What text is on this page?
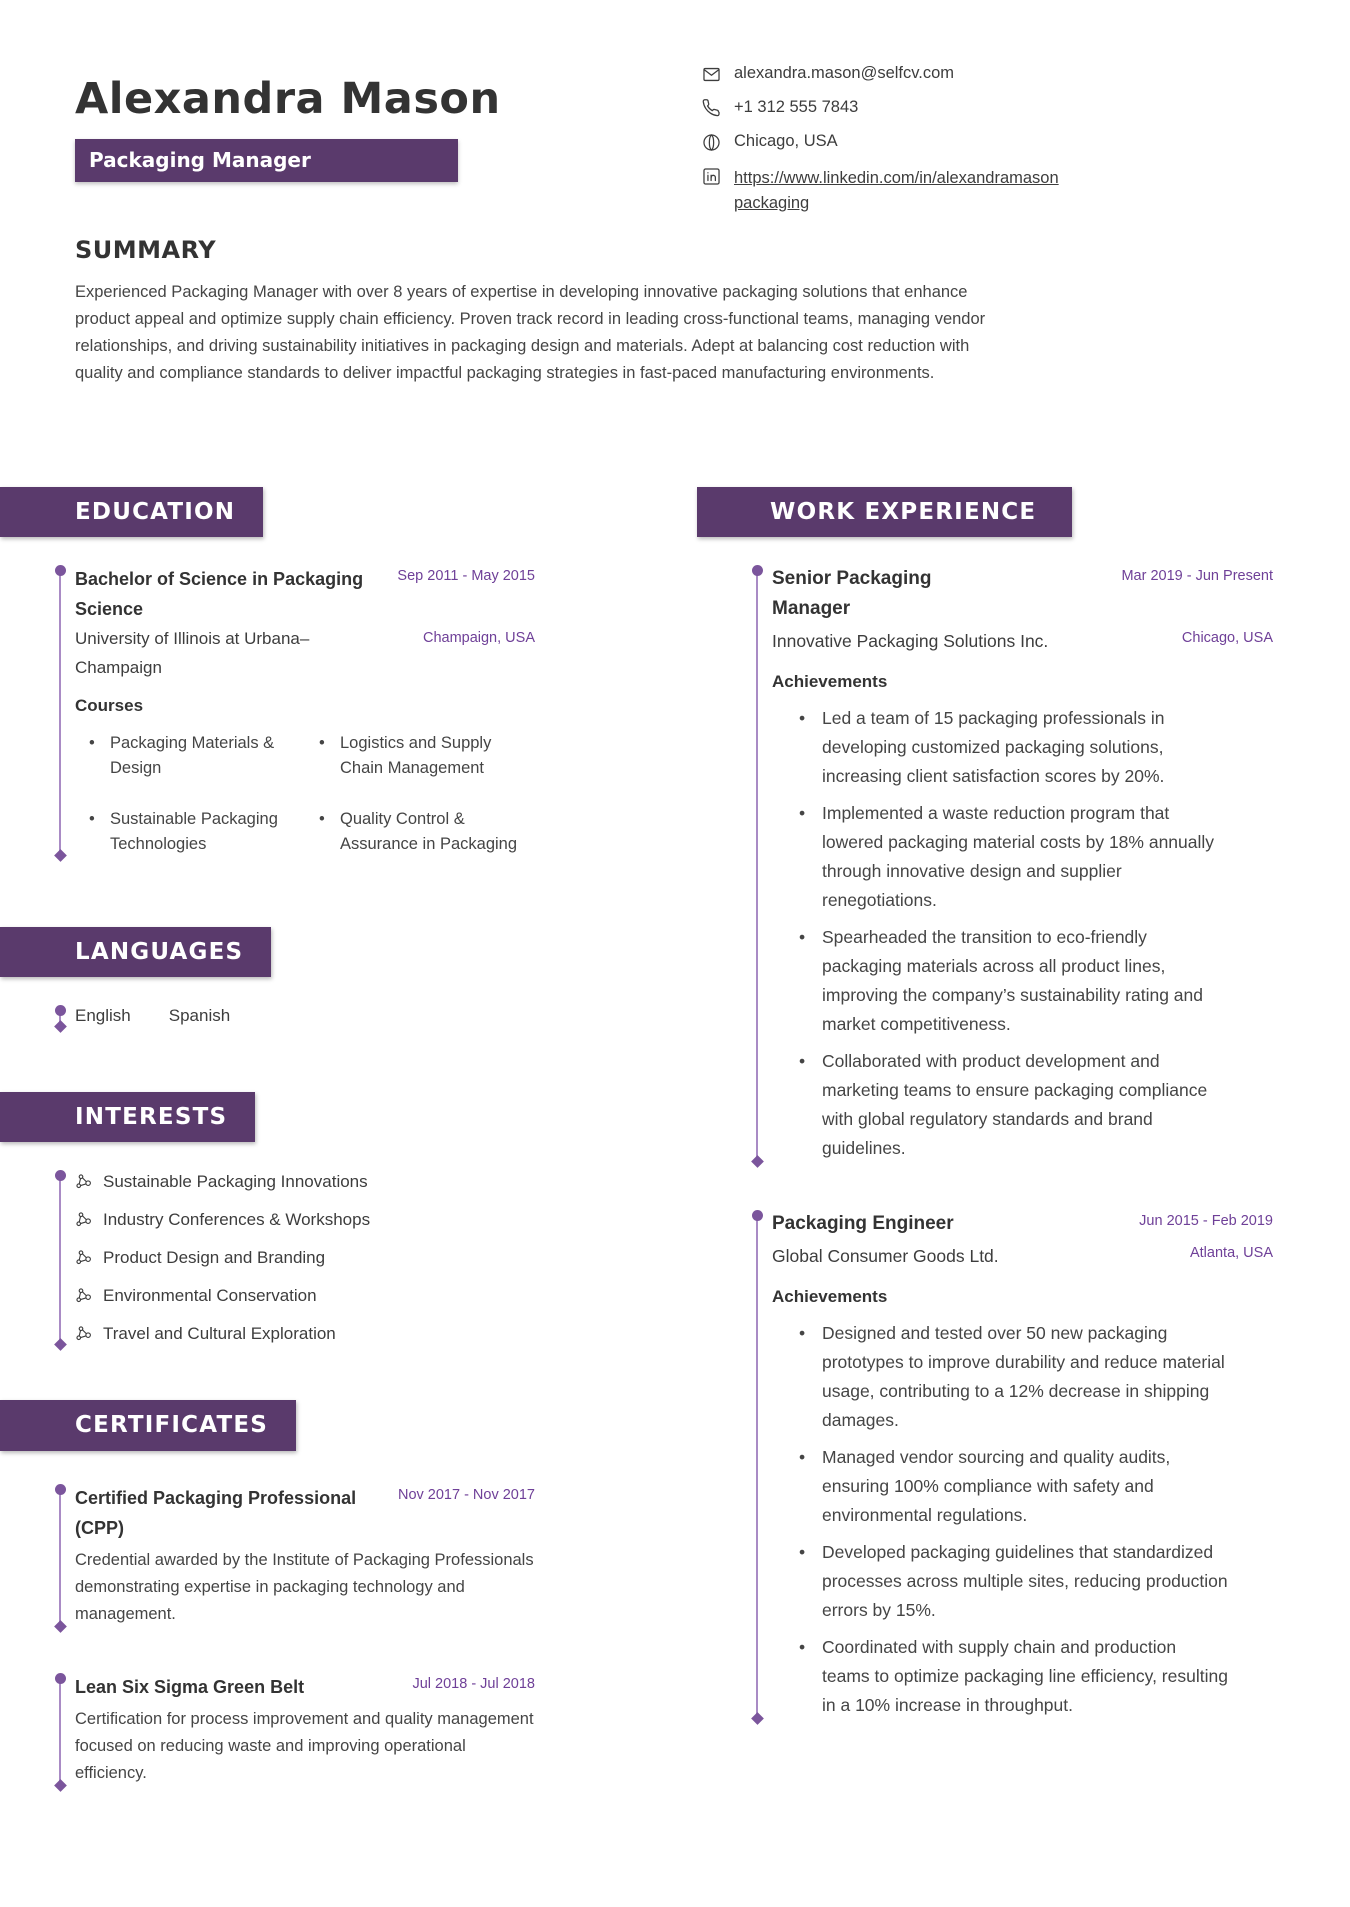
Alexandra Mason
Packaging Manager
alexandra.mason@selfcv.com
+1 312 555 7843
Chicago, USA
https://www.linkedin.com/in/alexandramasonpackaging
SUMMARY

Experienced Packaging Manager with over 8 years of expertise in developing innovative packaging solutions that enhance product appeal and optimize supply chain efficiency. Proven track record in leading cross-functional teams, managing vendor relationships, and driving sustainability initiatives in packaging design and materials. Adept at balancing cost reduction with quality and compliance standards to deliver impactful packaging strategies in fast-paced manufacturing environments.

EDUCATION
Bachelor of Science in Packaging Science
Sep 2011 - May 2015
University of Illinois at Urbana–Champaign
Champaign, USA
Courses
• Packaging Materials & Design
• Logistics and Supply Chain Management
• Sustainable Packaging Technologies
• Quality Control & Assurance in Packaging
LANGUAGES
English Spanish
INTERESTS
Sustainable Packaging Innovations
Industry Conferences & Workshops
Product Design and Branding
Environmental Conservation
Travel and Cultural Exploration
CERTIFICATES
Certified Packaging Professional (CPP)
Nov 2017 - Nov 2017

Credential awarded by the Institute of Packaging Professionals demonstrating expertise in packaging technology and management.

Lean Six Sigma Green Belt	Jul 2018 - Jul 2018

Certification for process improvement and quality management focused on reducing waste and improving operational efficiency.

WORK EXPERIENCE
Senior Packaging Manager
Mar 2019 - Jun Present
Innovative Packaging Solutions Inc.	Chicago, USA
Achievements
• Led a team of 15 packaging professionals in developing customized packaging solutions, increasing client satisfaction scores by 20%.
• Implemented a waste reduction program that lowered packaging material costs by 18% annually through innovative design and supplier renegotiations.
• Spearheaded the transition to eco-friendly packaging materials across all product lines, improving the company’s sustainability rating and market competitiveness.
• Collaborated with product development and marketing teams to ensure packaging compliance with global regulatory standards and brand guidelines.
Packaging Engineer	Jun 2015 - Feb 2019
Global Consumer Goods Ltd.	Atlanta, USA
Achievements
• Designed and tested over 50 new packaging prototypes to improve durability and reduce material usage, contributing to a 12% decrease in shipping damages.
• Managed vendor sourcing and quality audits, ensuring 100% compliance with safety and environmental regulations.
• Developed packaging guidelines that standardized processes across multiple sites, reducing production errors by 15%.
• Coordinated with supply chain and production teams to optimize packaging line efficiency, resulting in a 10% increase in throughput.
